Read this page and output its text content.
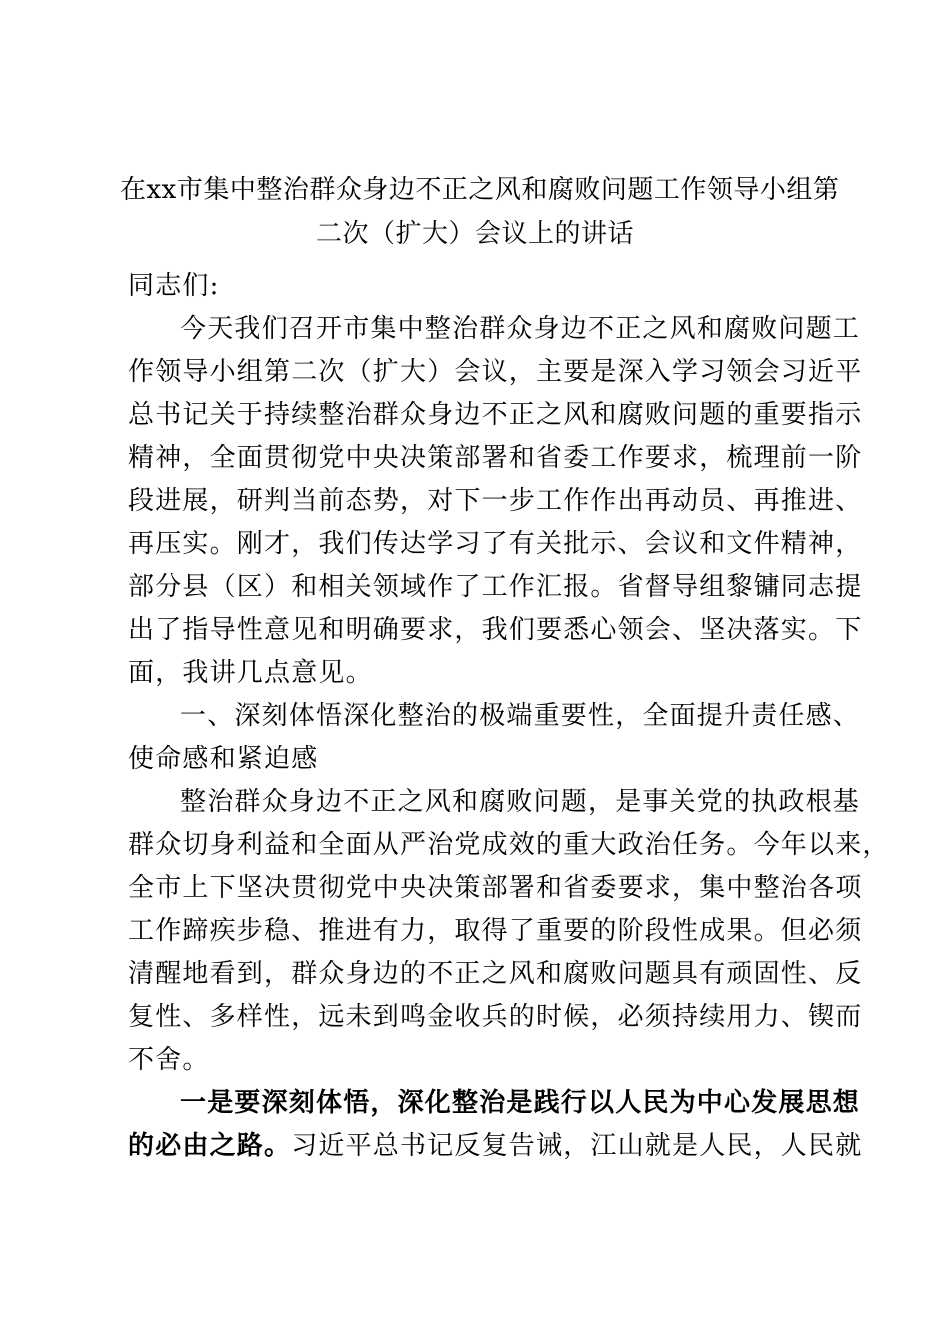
在xx市集中整治群众身边不正之风和腐败问题工作领导小组第
二次（扩大）会议上的讲话
同志们:
今天我们召开市集中整治群众身边不正之风和腐败问题工
作领导小组第二次（扩大）会议，主要是深入学习领会习近平
总书记关于持续整治群众身边不正之风和腐败问题的重要指示
精神，全面贯彻党中央决策部署和省委工作要求，梳理前一阶
段进展，研判当前态势，对下一步工作作出再动员、再推进、
再压实。刚才，我们传达学习了有关批示、会议和文件精神，
部分县（区）和相关领域作了工作汇报。省督导组黎镛同志提
出了指导性意见和明确要求，我们要悉心领会、坚决落实。下
面，我讲几点意见。
一、深刻体悟深化整治的极端重要性，全面提升责任感、
使命感和紧迫感
整治群众身边不正之风和腐败问题，是事关党的执政根基
群众切身利益和全面从严治党成效的重大政治任务。今年以来，
全市上下坚决贯彻党中央决策部署和省委要求，集中整治各项
工作蹄疾步稳、推进有力，取得了重要的阶段性成果。但必须
清醒地看到，群众身边的不正之风和腐败问题具有顽固性、反
复性、多样性，远未到鸣金收兵的时候，必须持续用力、锲而
不舍。
一是要深刻体悟，深化整治是践行以人民为中心发展思想
的必由之路。习近平总书记反复告诫，江山就是人民，人民就
